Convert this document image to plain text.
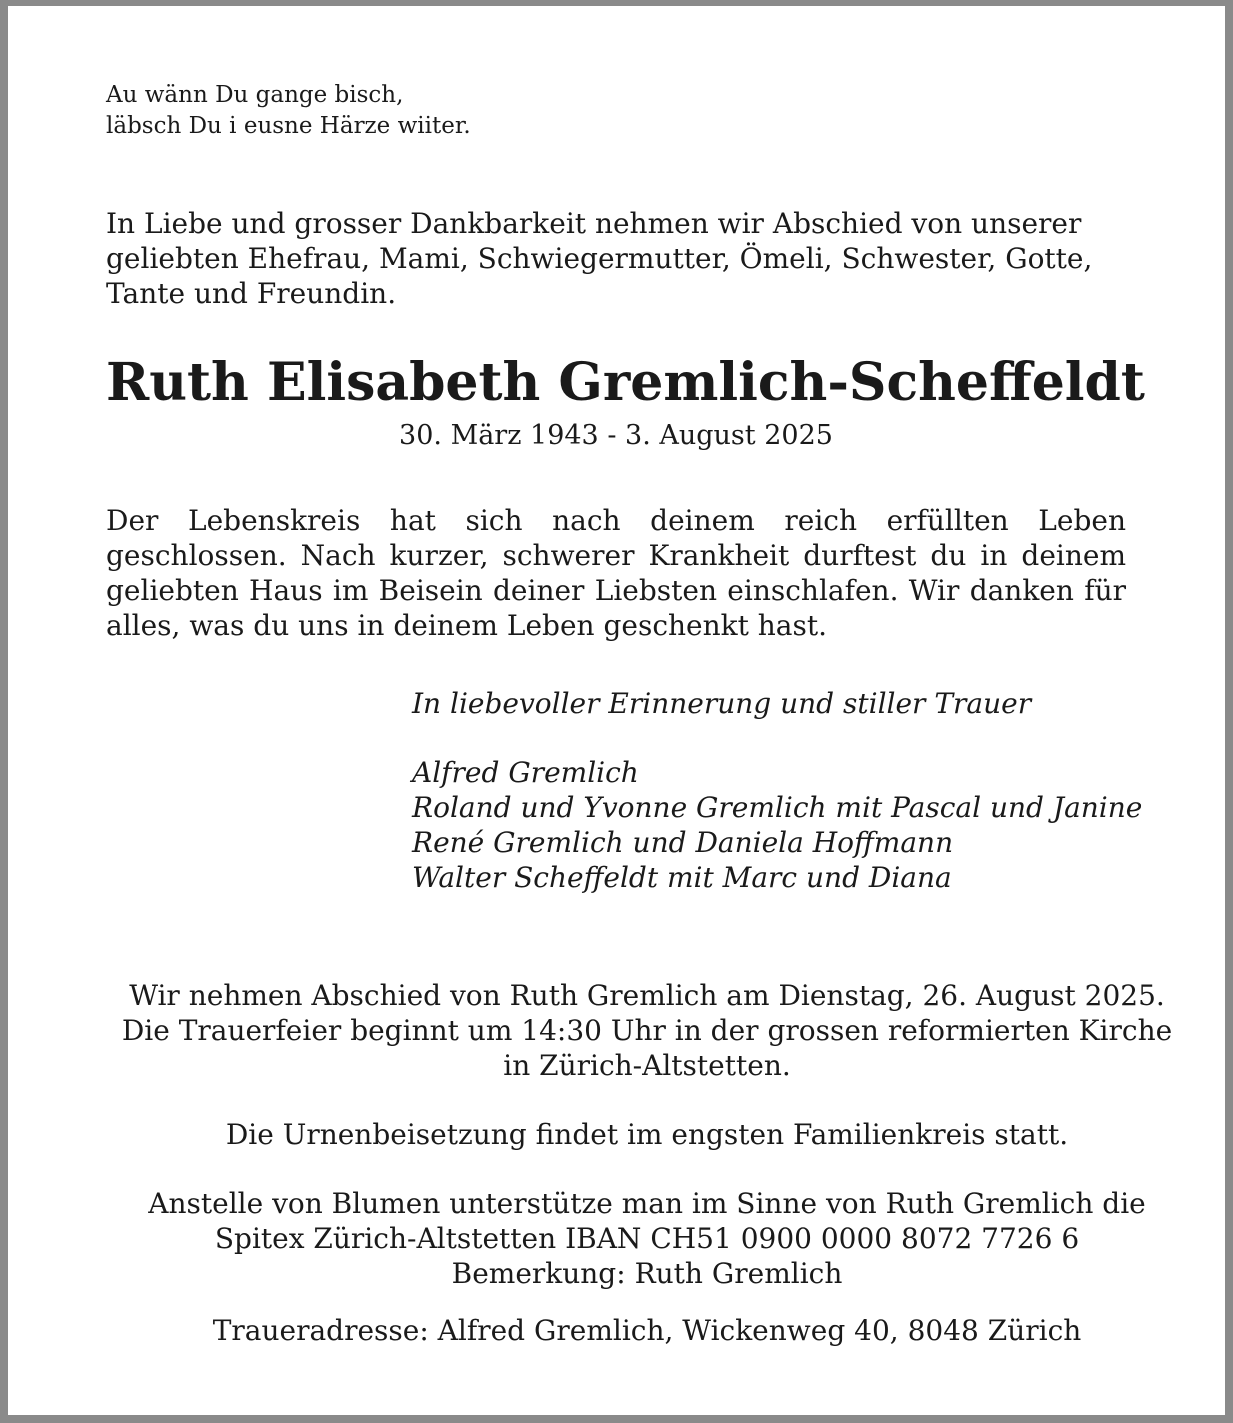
Au wänn Du gange bisch,
läbsch Du i eusne Härze wiiter.

In Liebe und grosser Dankbarkeit nehmen wir Abschied von unserer geliebten Ehefrau, Mami, Schwiegermutter, Ömeli, Schwester, Gotte, Tante und Freundin.

Ruth Elisabeth Gremlich-Scheffeldt

30. März 1943 - 3. August 2025

Der Lebenskreis hat sich nach deinem reich erfüllten Leben geschlossen. Nach kurzer, schwerer Krankheit durftest du in deinem geliebten Haus im Beisein deiner Liebsten einschlafen. Wir danken für alles, was du uns in deinem Leben geschenkt hast.

In liebevoller Erinnerung und stiller Trauer
Alfred Gremlich
Roland und Yvonne Gremlich mit Pascal und Janine
René Gremlich und Daniela Hoffmann
Walter Scheffeldt mit Marc und Diana
Wir nehmen Abschied von Ruth Gremlich am Dienstag, 26. August 2025.
Die Trauerfeier beginnt um 14:30 Uhr in der grossen reformierten Kirche
in Zürich-Altstetten.

Die Urnenbeisetzung findet im engsten Familienkreis statt.

Anstelle von Blumen unterstütze man im Sinne von Ruth Gremlich die
Spitex Zürich-Altstetten IBAN CH51 0900 0000 8072 7726 6
Bemerkung: Ruth Gremlich

Traueradresse: Alfred Gremlich, Wickenweg 40, 8048 Zürich
